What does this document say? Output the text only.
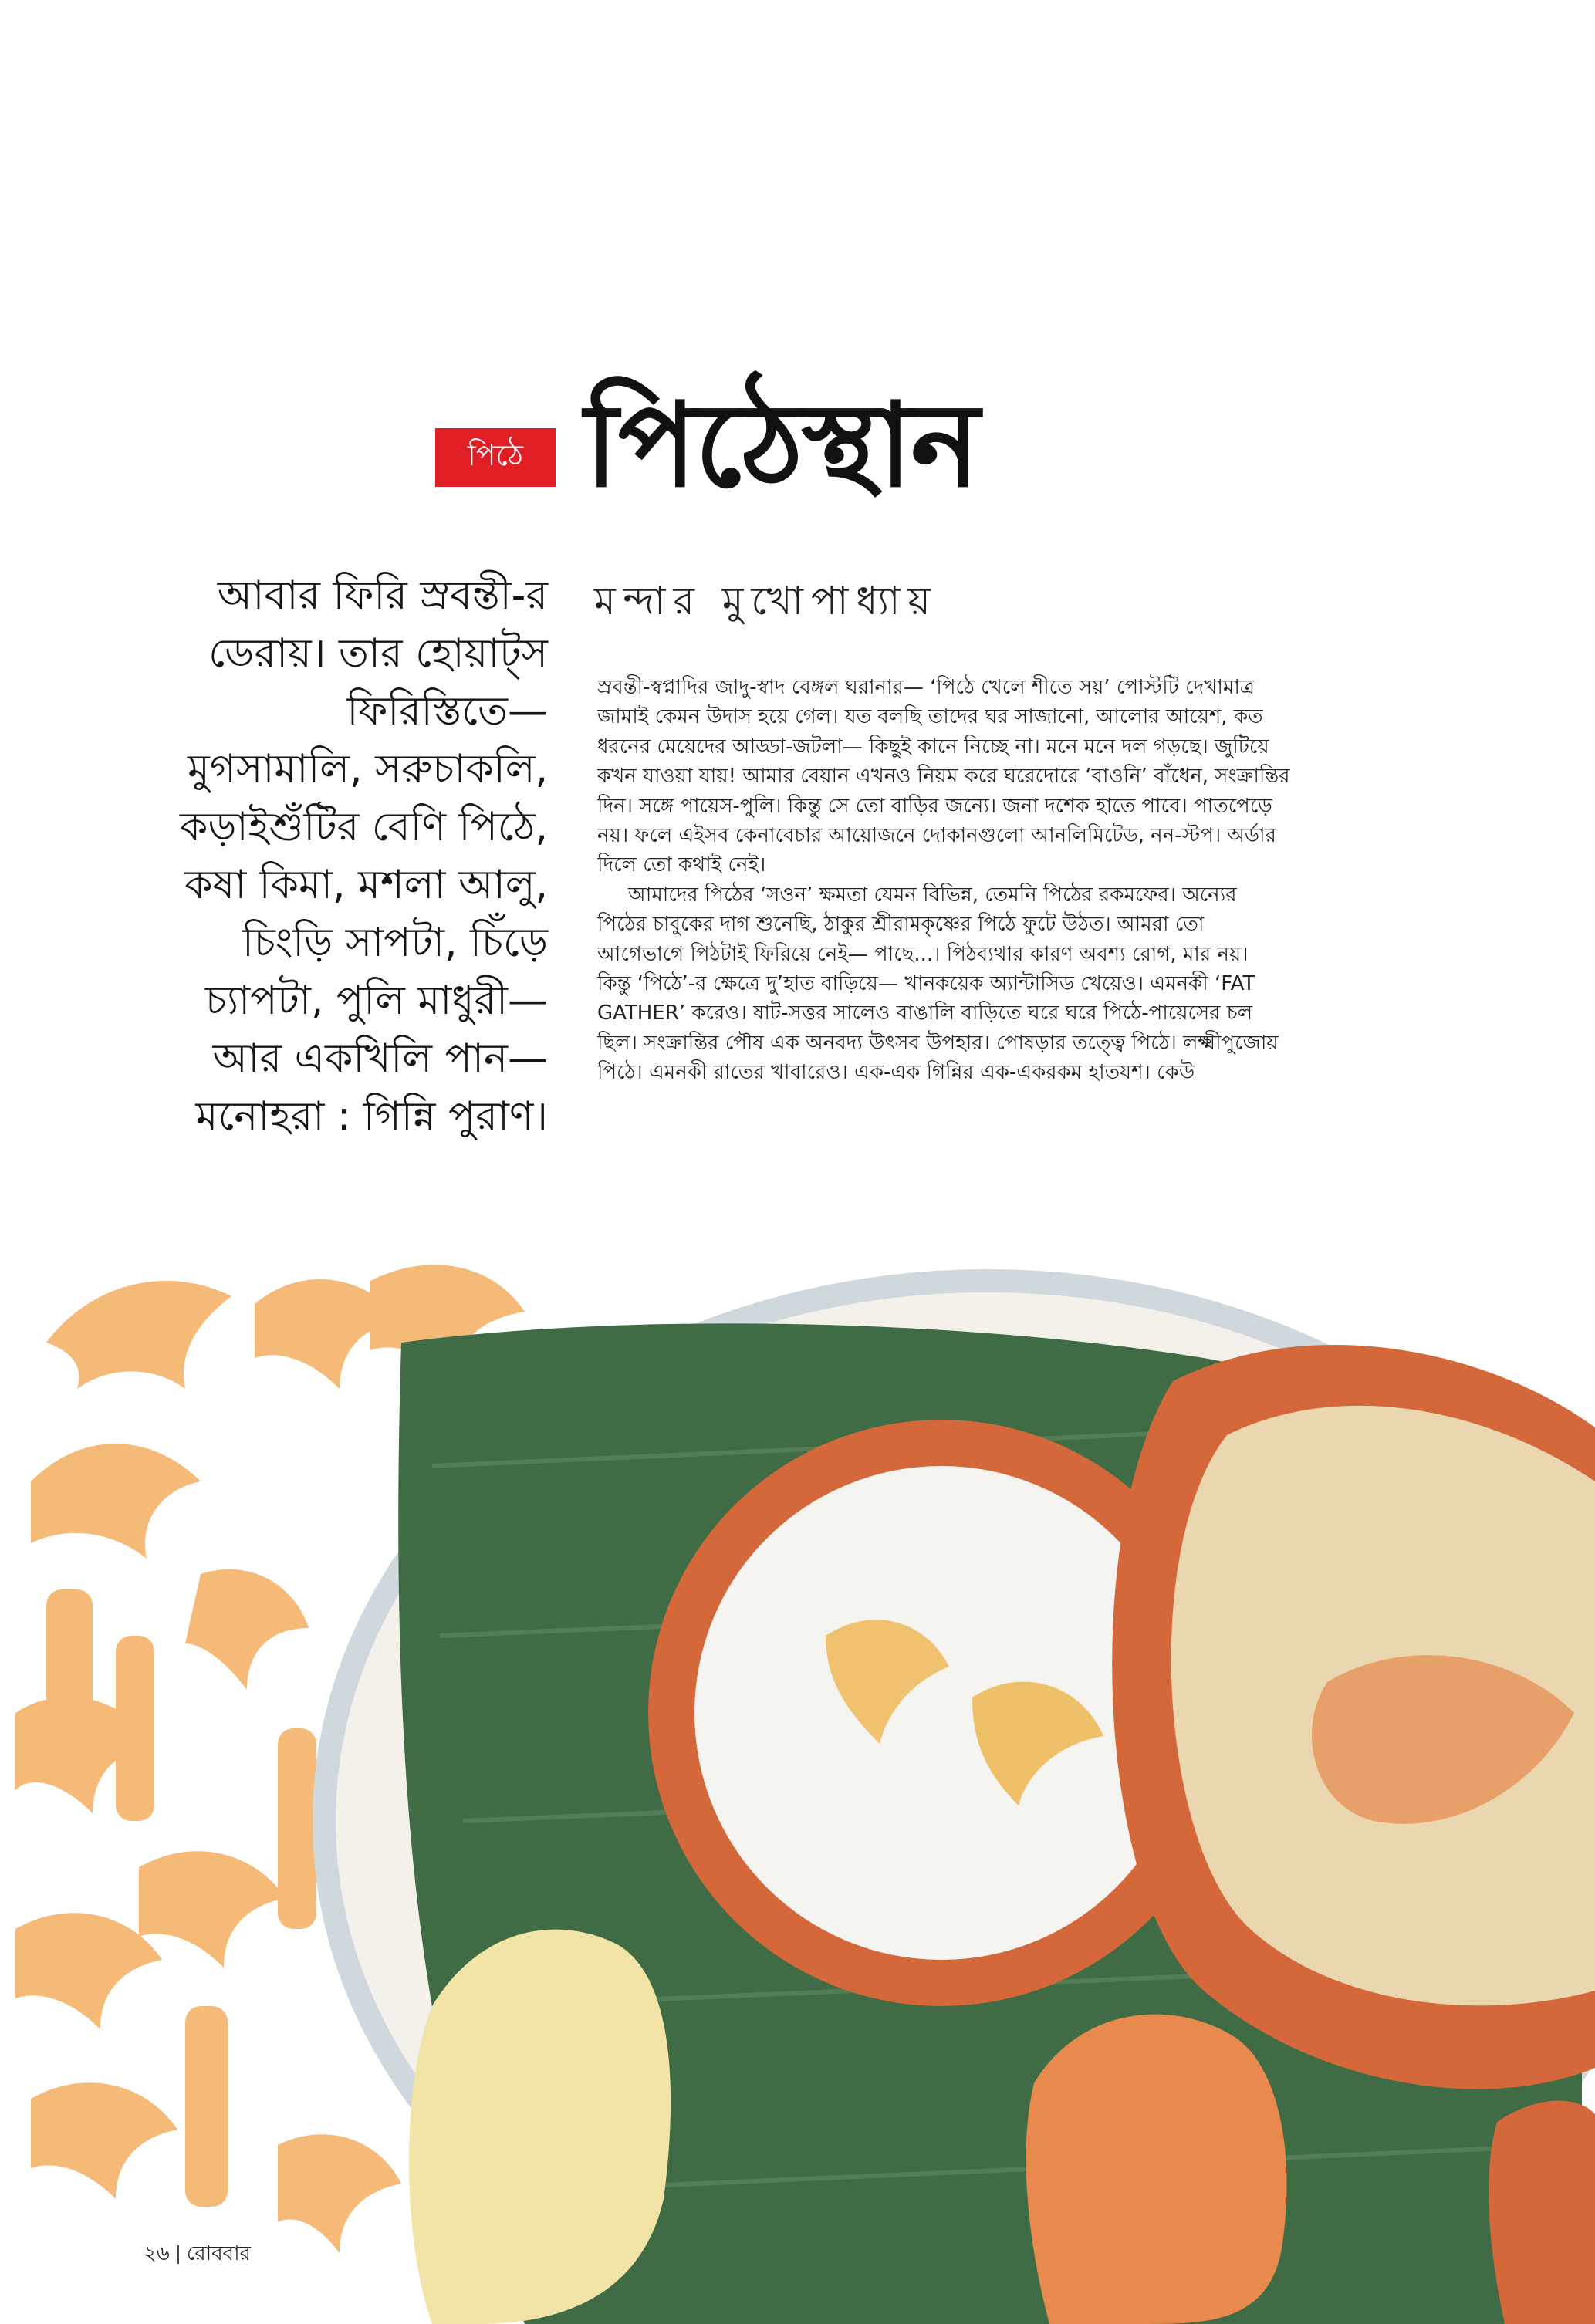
পিঠে পিঠেস্থান
মন্দার মুখোপাধ্যায়
আবার ফিরি স্রবন্তী-র
ডেরায়। তার হোয়াট্‌স
ফিরিস্তিতে—
মুগসামালি, সরুচাকলি,
কড়াইশুঁটির বেণি পিঠে,
কষা কিমা, মশলা আলু,
চিংড়ি সাপটা, চিঁড়ে
চ্যাপটা, পুলি মাধুরী—
আর একখিলি পান—
মনোহরা : গিন্নি পুরাণ।
স্রবন্তী-স্বপ্নাদির জাদু-স্বাদ বেঙ্গল ঘরানার— ‘পিঠে খেলে শীতে সয়’ পোস্টটি দেখামাত্র
জামাই কেমন উদাস হয়ে গেল। যত বলছি তাদের ঘর সাজানো, আলোর আয়েশ, কত
ধরনের মেয়েদের আড্ডা-জটলা— কিছুই কানে নিচ্ছে না। মনে মনে দল গড়ছে। জুটিয়ে
কখন যাওয়া যায়! আমার বেয়ান এখনও নিয়ম করে ঘরেদোরে ‘বাওনি’ বাঁধেন, সংক্রান্তির
দিন। সঙ্গে পায়েস-পুলি। কিন্তু সে তো বাড়ির জন্যে। জনা দশেক হাতে পাবে। পাতপেড়ে
নয়। ফলে এইসব কেনাবেচার আয়োজনে দোকানগুলো আনলিমিটেড, নন-স্টপ। অর্ডার
দিলে তো কথাই নেই।
আমাদের পিঠের ‘সওন’ ক্ষমতা যেমন বিভিন্ন, তেমনি পিঠের রকমফের। অন্যের
পিঠের চাবুকের দাগ শুনেছি, ঠাকুর শ্রীরামকৃষ্ণের পিঠে ফুটে উঠত। আমরা তো
আগেভাগে পিঠটাই ফিরিয়ে নেই— পাছে...। পিঠব্যথার কারণ অবশ্য রোগ, মার নয়।
কিন্তু ‘পিঠে’-র ক্ষেত্রে দু’হাত বাড়িয়ে— খানকয়েক অ্যান্টাসিড খেয়েও। এমনকী ‘FAT
GATHER’ করেও। ষাট-সত্তর সালেও বাঙালি বাড়িতে ঘরে ঘরে পিঠে-পায়েসের চল
ছিল। সংক্রান্তির পৌষ এক অনবদ্য উৎসব উপহার। পোষড়ার তত্ত্বে পিঠে। লক্ষ্মীপুজোয়
পিঠে। এমনকী রাতের খাবারেও। এক-এক গিন্নির এক-একরকম হাতযশ। কেউ
২৬ রোববার
